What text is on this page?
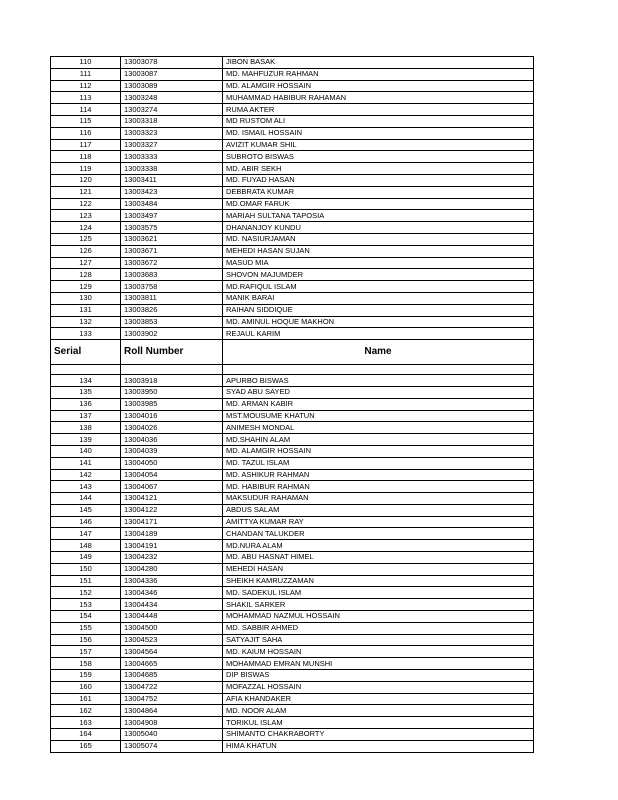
110	13003078	JIBON BASAK
111	13003087	MD. MAHFUZUR RAHMAN
112	13003089	MD. ALAMGIR HOSSAIN
113	13003248	MUHAMMAD HABIBUR RAHAMAN
114	13003274	RUMA AKTER
115	13003318	MD RUSTOM ALI
116	13003323	MD. ISMAIL HOSSAIN
117	13003327	AVIZIT KUMAR SHIL
118	13003333	SUBROTO BISWAS
119	13003338	MD. ABIR SEKH
120	13003411	MD. FUYAD HASAN
121	13003423	DEBBRATA KUMAR
122	13003484	MD.OMAR FARUK
123	13003497	MARIAH SULTANA TAPOSIA
124	13003575	DHANANJOY KUNDU
125	13003621	MD. NASIURJAMAN
126	13003671	MEHEDI HASAN SUJAN
127	13003672	MASUD MIA
128	13003683	SHOVON MAJUMDER
129	13003758	MD.RAFIQUL ISLAM
130	13003811	MANIK BARAI
131	13003826	RAIHAN SIDDIQUE
132	13003853	MD. AMINUL HOQUE MAKHON
133	13003902	REJAUL KARIM
Serial	Roll Number	Name

134	13003918	APURBO BISWAS
135	13003950	SYAD ABU SAYED
136	13003985	MD. ARMAN KABIR
137	13004016	MST.MOUSUME KHATUN
138	13004026	ANIMESH MONDAL
139	13004036	MD.SHAHIN ALAM
140	13004039	MD. ALAMGIR HOSSAIN
141	13004050	MD. TAZUL ISLAM
142	13004054	MD. ASHIKUR RAHMAN
143	13004067	MD. HABIBUR RAHMAN
144	13004121	MAKSUDUR RAHAMAN
145	13004122	ABDUS SALAM
146	13004171	AMITTYA KUMAR RAY
147	13004189	CHANDAN TALUKDER
148	13004191	MD.NURA ALAM
149	13004232	MD. ABU HASNAT HIMEL
150	13004280	MEHEDI HASAN
151	13004336	SHEIKH KAMRUZZAMAN
152	13004346	MD. SADEKUL ISLAM
153	13004434	SHAKIL SARKER
154	13004448	MOHAMMAD NAZMUL HOSSAIN
155	13004500	MD. SABBIR AHMED
156	13004523	SATYAJIT SAHA
157	13004564	MD. KAIUM HOSSAIN
158	13004665	MOHAMMAD EMRAN MUNSHI
159	13004685	DIP BISWAS
160	13004722	MOFAZZAL HOSSAIN
161	13004752	AFIA KHANDAKER
162	13004864	MD. NOOR ALAM
163	13004908	TORIKUL ISLAM
164	13005040	SHIMANTO CHAKRABORTY
165	13005074	HIMA KHATUN
